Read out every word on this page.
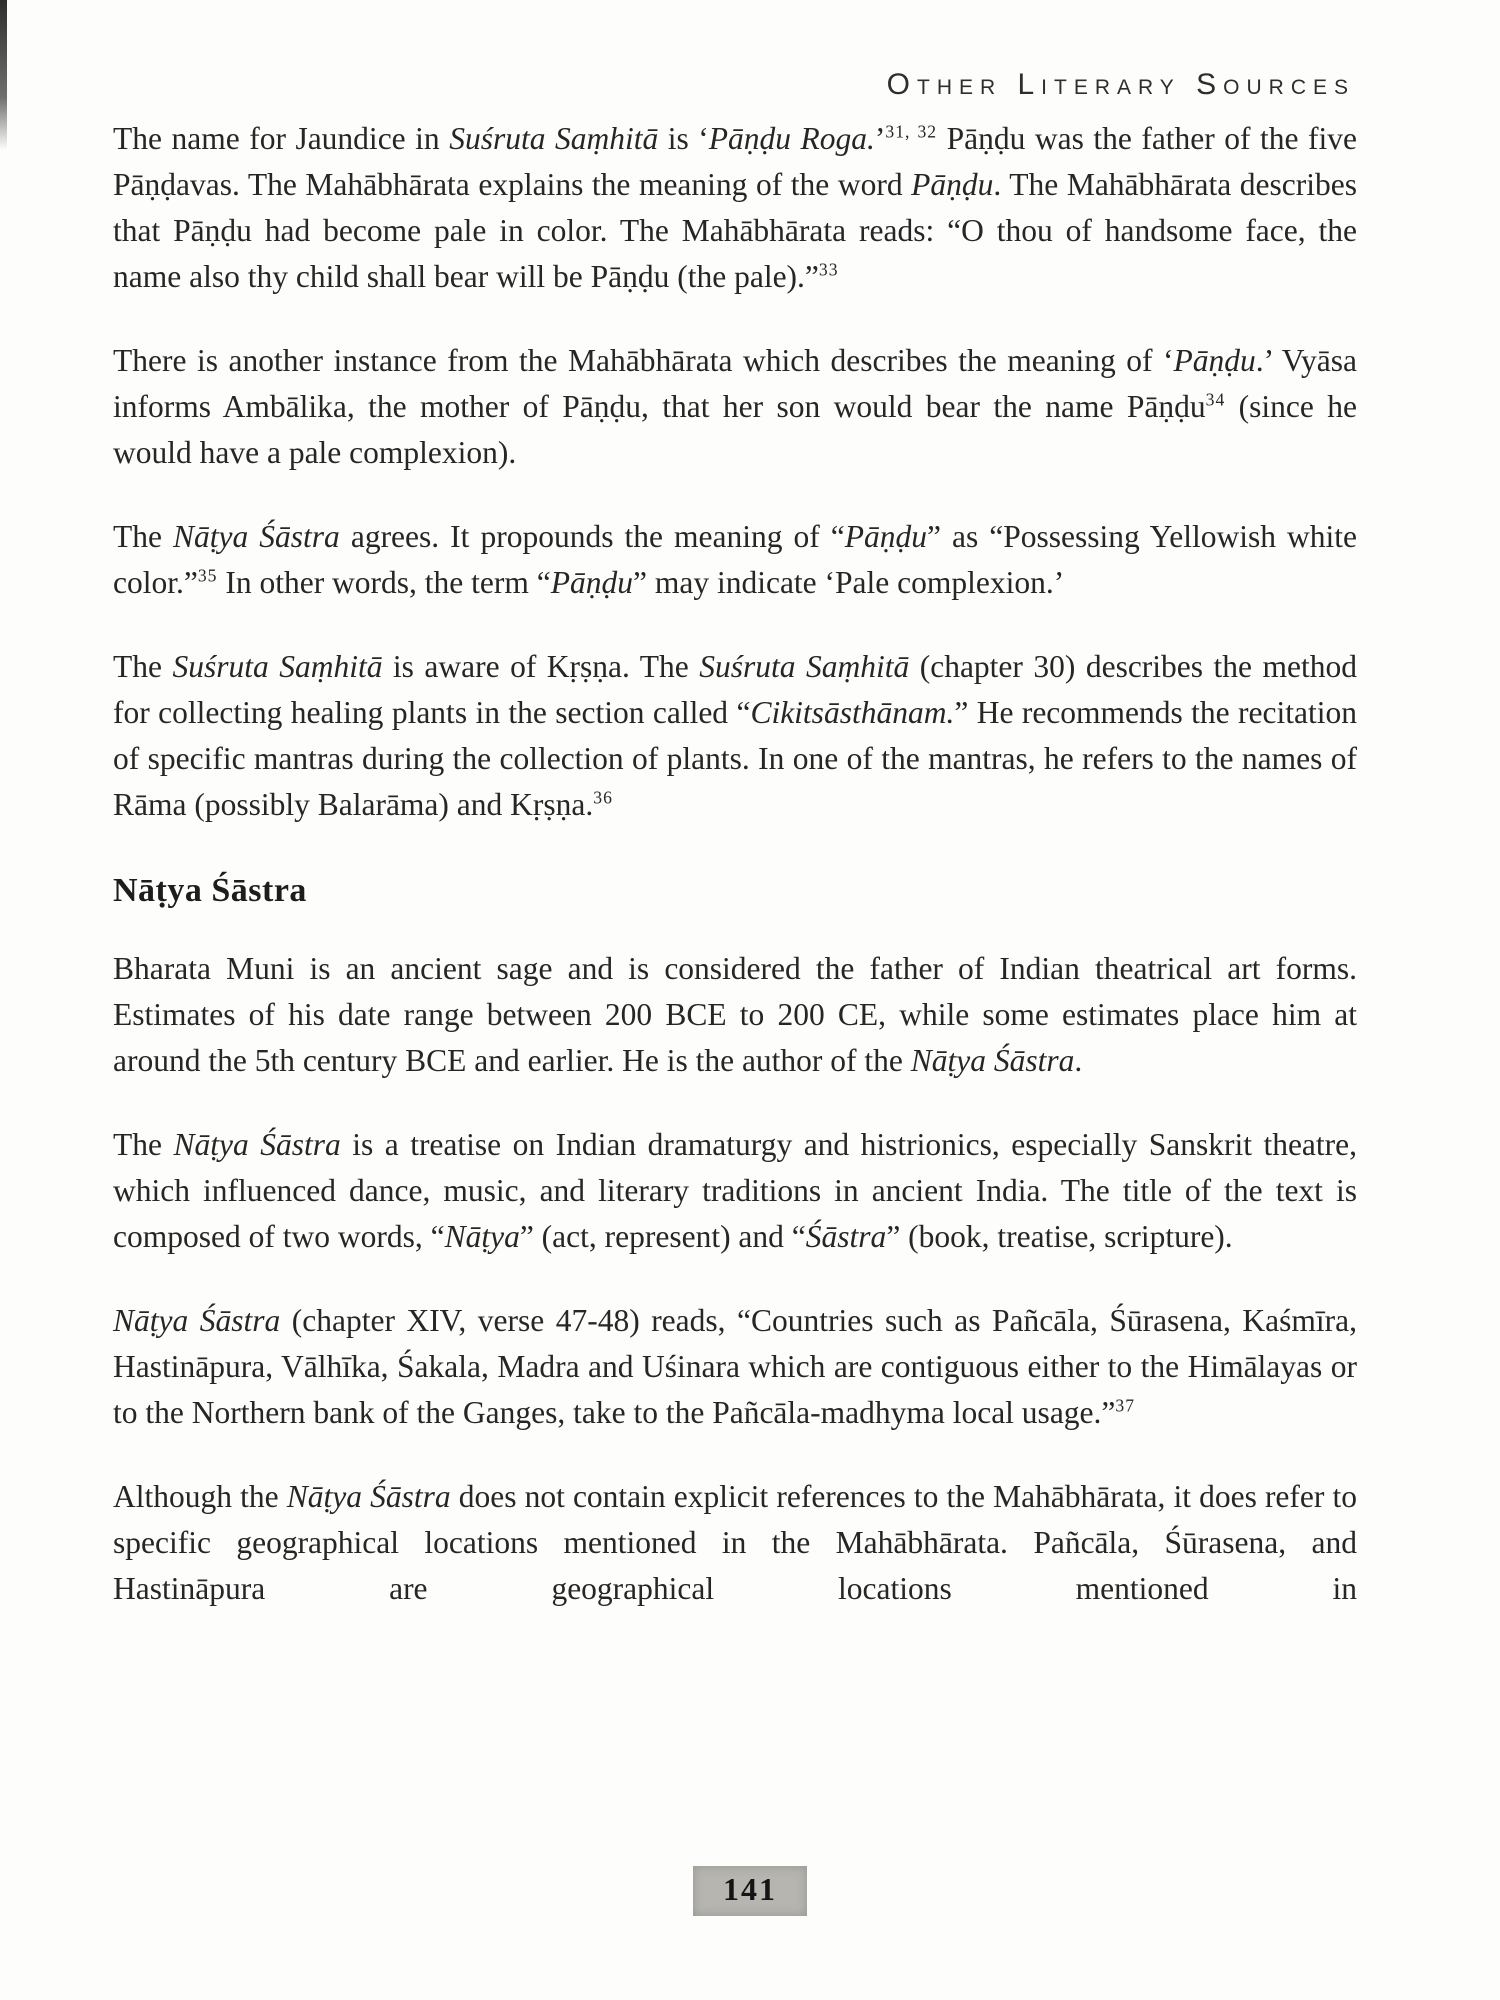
Other Literary Sources

The name for Jaundice in Suśruta Saṃhitā is ‘Pāṇḍu Roga.’$^{31, 32}$ Pāṇḍu was the father of the five Pāṇḍavas. The Mahābhārata explains the meaning of the word Pāṇḍu. The Mahābhārata describes that Pāṇḍu had become pale in color. The Mahābhārata reads: “O thou of handsome face, the name also thy child shall bear will be Pāṇḍu (the pale).”$^{33}$

There is another instance from the Mahābhārata which describes the meaning of ‘Pāṇḍu.’ Vyāsa informs Ambālika, the mother of Pāṇḍu, that her son would bear the name Pāṇḍu$^{34}$ (since he would have a pale complexion).

The Nāṭya Śāstra agrees. It propounds the meaning of “Pāṇḍu” as “Possessing Yellowish white color.”$^{35}$ In other words, the term “Pāṇḍu” may indicate ‘Pale complexion.’

The Suśruta Saṃhitā is aware of Kṛṣṇa. The Suśruta Saṃhitā (chapter 30) describes the method for collecting healing plants in the section called “Cikitsāsthānam.” He recommends the recitation of specific mantras during the collection of plants. In one of the mantras, he refers to the names of Rāma (possibly Balarāma) and Kṛṣṇa.$^{36}$

Nāṭya Śāstra

Bharata Muni is an ancient sage and is considered the father of Indian theatrical art forms. Estimates of his date range between 200 BCE to 200 CE, while some estimates place him at around the 5th century BCE and earlier. He is the author of the Nāṭya Śāstra.

The Nāṭya Śāstra is a treatise on Indian dramaturgy and histrionics, especially Sanskrit theatre, which influenced dance, music, and literary traditions in ancient India. The title of the text is composed of two words, “Nāṭya” (act, represent) and “Śāstra” (book, treatise, scripture).

Nāṭya Śāstra (chapter XIV, verse 47-48) reads, “Countries such as Pañcāla, Śūrasena, Kaśmīra, Hastināpura, Vālhīka, Śakala, Madra and Uśinara which are contiguous either to the Himālayas or to the Northern bank of the Ganges, take to the Pañcāla-madhyma local usage.”$^{37}$

Although the Nāṭya Śāstra does not contain explicit references to the Mahābhārata, it does refer to specific geographical locations mentioned in the Mahābhārata. Pañcāla, Śūrasena, and Hastināpura are geographical locations mentioned in

141
